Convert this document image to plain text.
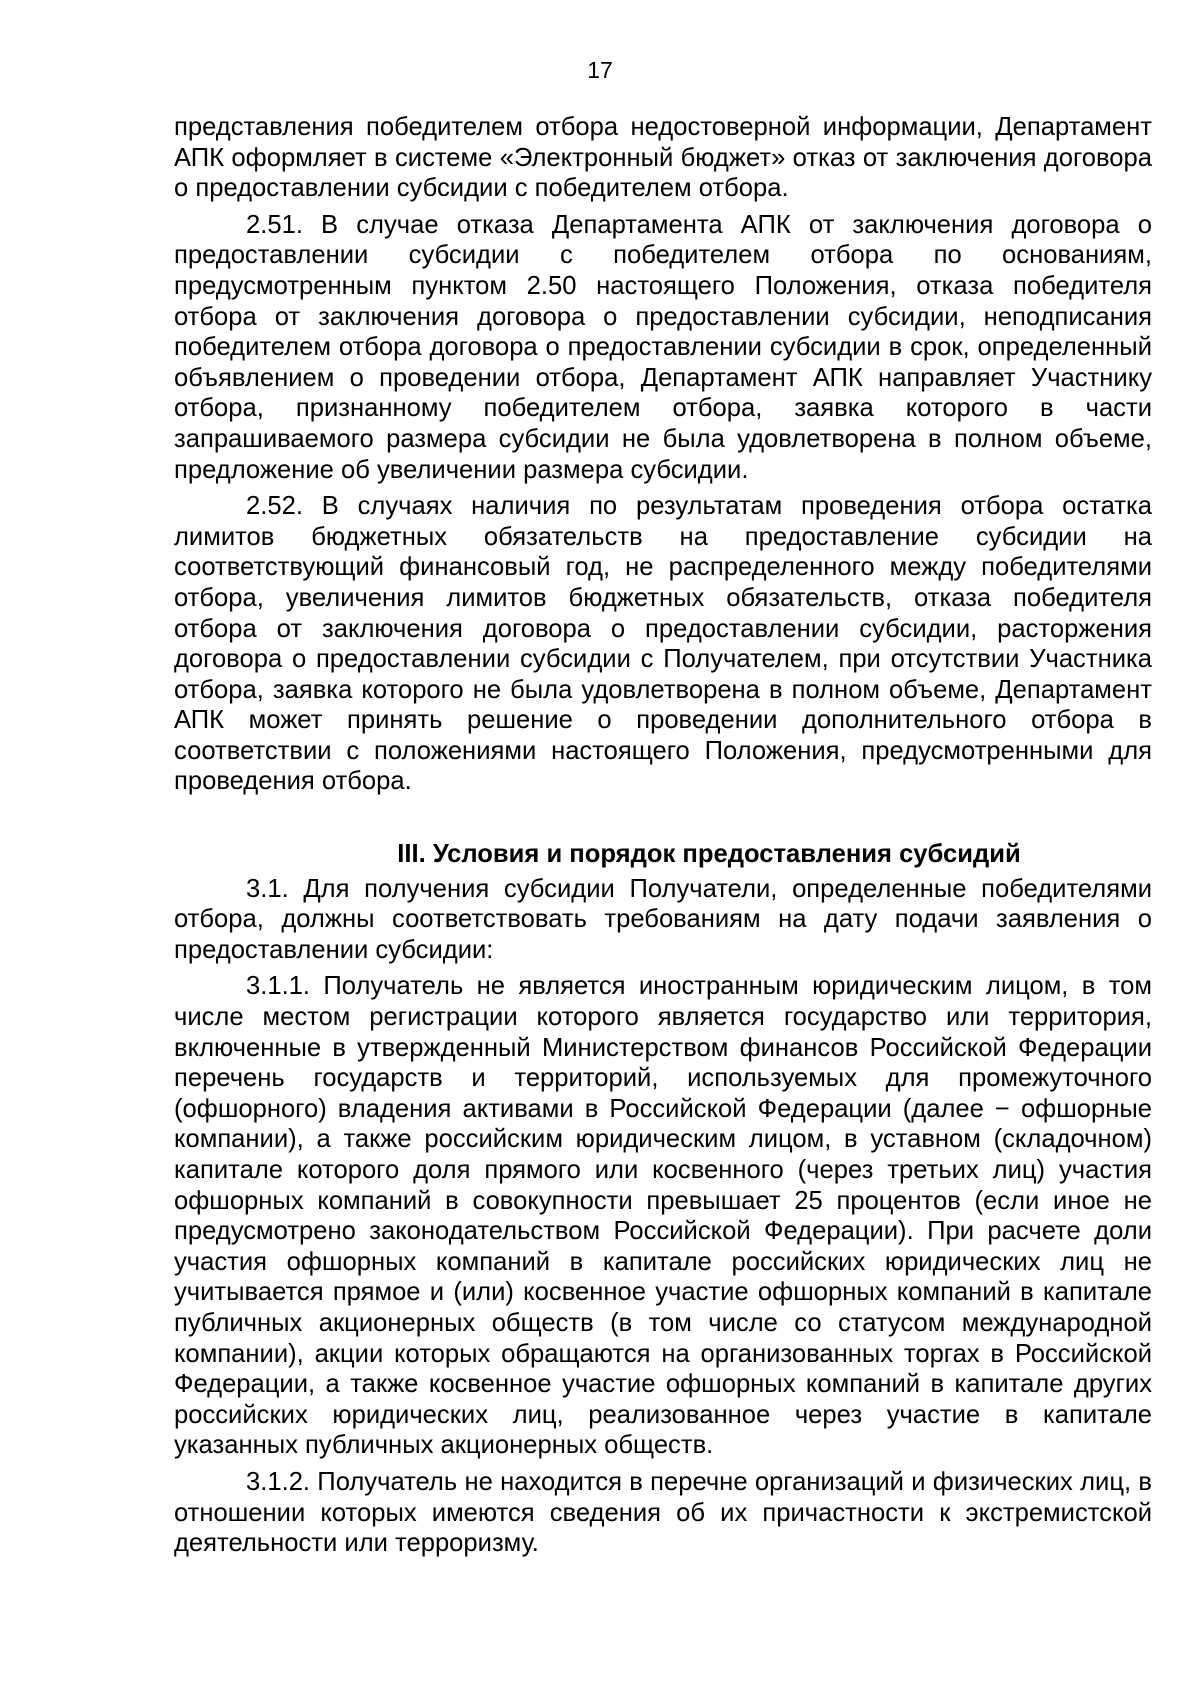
17

представления победителем отбора недостоверной информации, Департамент АПК оформляет в системе «Электронный бюджет» отказ от заключения договора о предоставлении субсидии с победителем отбора.

2.51. В случае отказа Департамента АПК от заключения договора о предоставлении субсидии с победителем отбора по основаниям, предусмотренным пунктом 2.50 настоящего Положения, отказа победителя отбора от заключения договора о предоставлении субсидии, неподписания победителем отбора договора о предоставлении субсидии в срок, определенный объявлением о проведении отбора, Департамент АПК направляет Участнику отбора, признанному победителем отбора, заявка которого в части запрашиваемого размера субсидии не была удовлетворена в полном объеме, предложение об увеличении размера субсидии.

2.52. В случаях наличия по результатам проведения отбора остатка лимитов бюджетных обязательств на предоставление субсидии на соответствующий финансовый год, не распределенного между победителями отбора, увеличения лимитов бюджетных обязательств, отказа победителя отбора от заключения договора о предоставлении субсидии, расторжения договора о предоставлении субсидии с Получателем, при отсутствии Участника отбора, заявка которого не была удовлетворена в полном объеме, Департамент АПК может принять решение о проведении дополнительного отбора в соответствии с положениями настоящего Положения, предусмотренными для проведения отбора.

III. Условия и порядок предоставления субсидий

3.1. Для получения субсидии Получатели, определенные победителями отбора, должны соответствовать требованиям на дату подачи заявления о предоставлении субсидии:

3.1.1. Получатель не является иностранным юридическим лицом, в том числе местом регистрации которого является государство или территория, включенные в утвержденный Министерством финансов Российской Федерации перечень государств и территорий, используемых для промежуточного (офшорного) владения активами в Российской Федерации (далее − офшорные компании), а также российским юридическим лицом, в уставном (складочном) капитале которого доля прямого или косвенного (через третьих лиц) участия офшорных компаний в совокупности превышает 25 процентов (если иное не предусмотрено законодательством Российской Федерации). При расчете доли участия офшорных компаний в капитале российских юридических лиц не учитывается прямое и (или) косвенное участие офшорных компаний в капитале публичных акционерных обществ (в том числе со статусом международной компании), акции которых обращаются на организованных торгах в Российской Федерации, а также косвенное участие офшорных компаний в капитале других российских юридических лиц, реализованное через участие в капитале указанных публичных акционерных обществ.

3.1.2. Получатель не находится в перечне организаций и физических лиц, в отношении которых имеются сведения об их причастности к экстремистской деятельности или терроризму.
